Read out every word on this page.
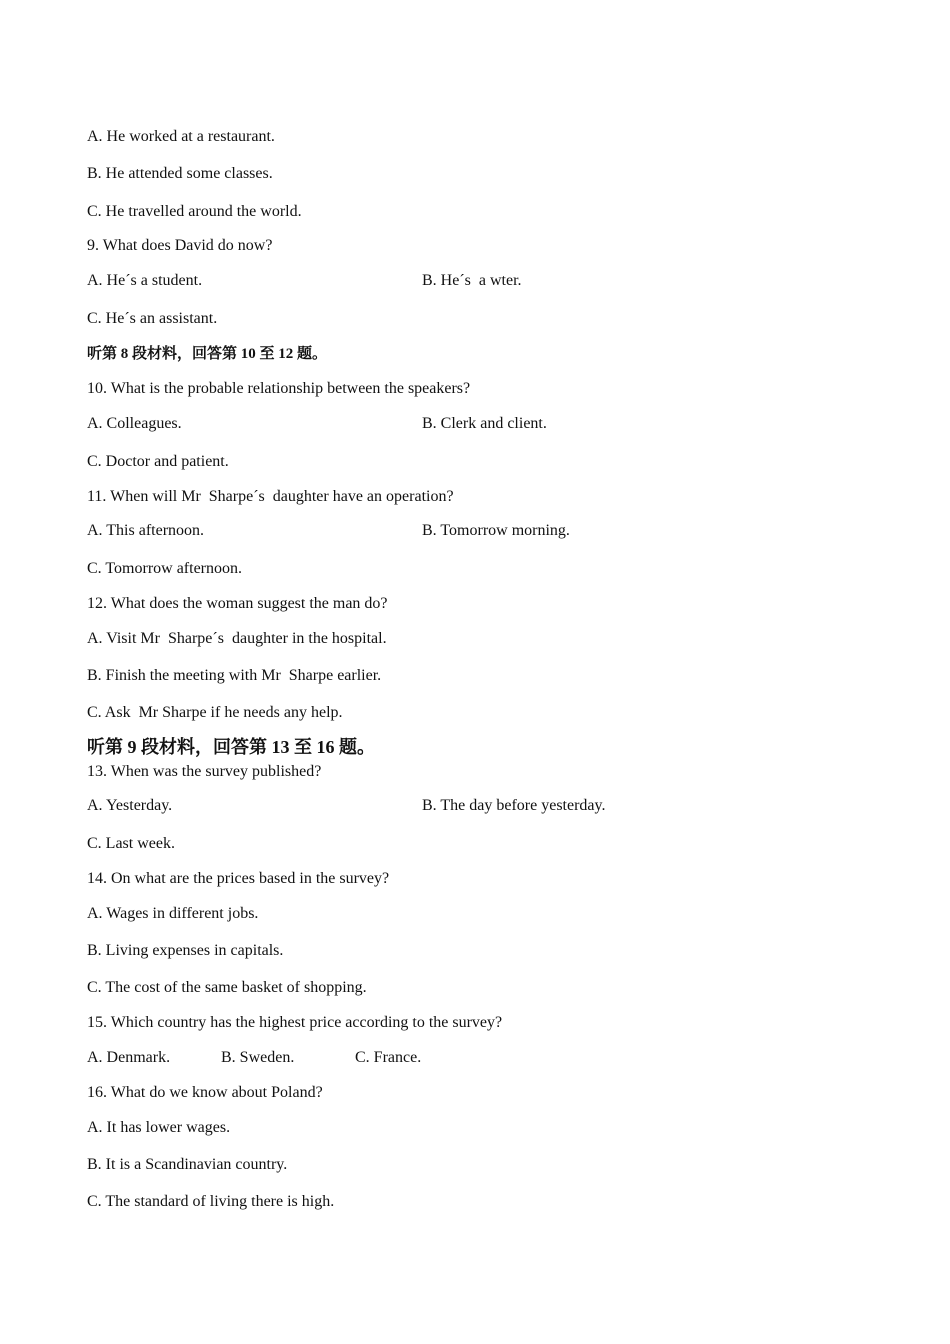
A. He worked at a restaurant.
B. He attended some classes.
C. He travelled around the world.
9. What does David do now?
A. Heˊs a student.	B. Heˊs  a wter.
C. Heˊs an assistant.
听第 8 段材料，回答第 10 至 12 题。
10. What is the probable relationship between the speakers?
A. Colleagues.	B. Clerk and client.
C. Doctor and patient.
11. When will Mr  Sharpeˊs  daughter have an operation?
A. This afternoon.	B. Tomorrow morning.
C. Tomorrow afternoon.
12. What does the woman suggest the man do?
A. Visit Mr  Sharpeˊs  daughter in the hospital.
B. Finish the meeting with Mr  Sharpe earlier.
C. Ask  Mr Sharpe if he needs any help.
听第 9 段材料，回答第 13 至 16 题。
13. When was the survey published?
A. Yesterday.	B. The day before yesterday.
C. Last week.
14. On what are the prices based in the survey?
A. Wages in different jobs.
B. Living expenses in capitals.
C. The cost of the same basket of shopping.
15. Which country has the highest price according to the survey?
A. Denmark.	B. Sweden.	C. France.
16. What do we know about Poland?
A. It has lower wages.
B. It is a Scandinavian country.
C. The standard of living there is high.
